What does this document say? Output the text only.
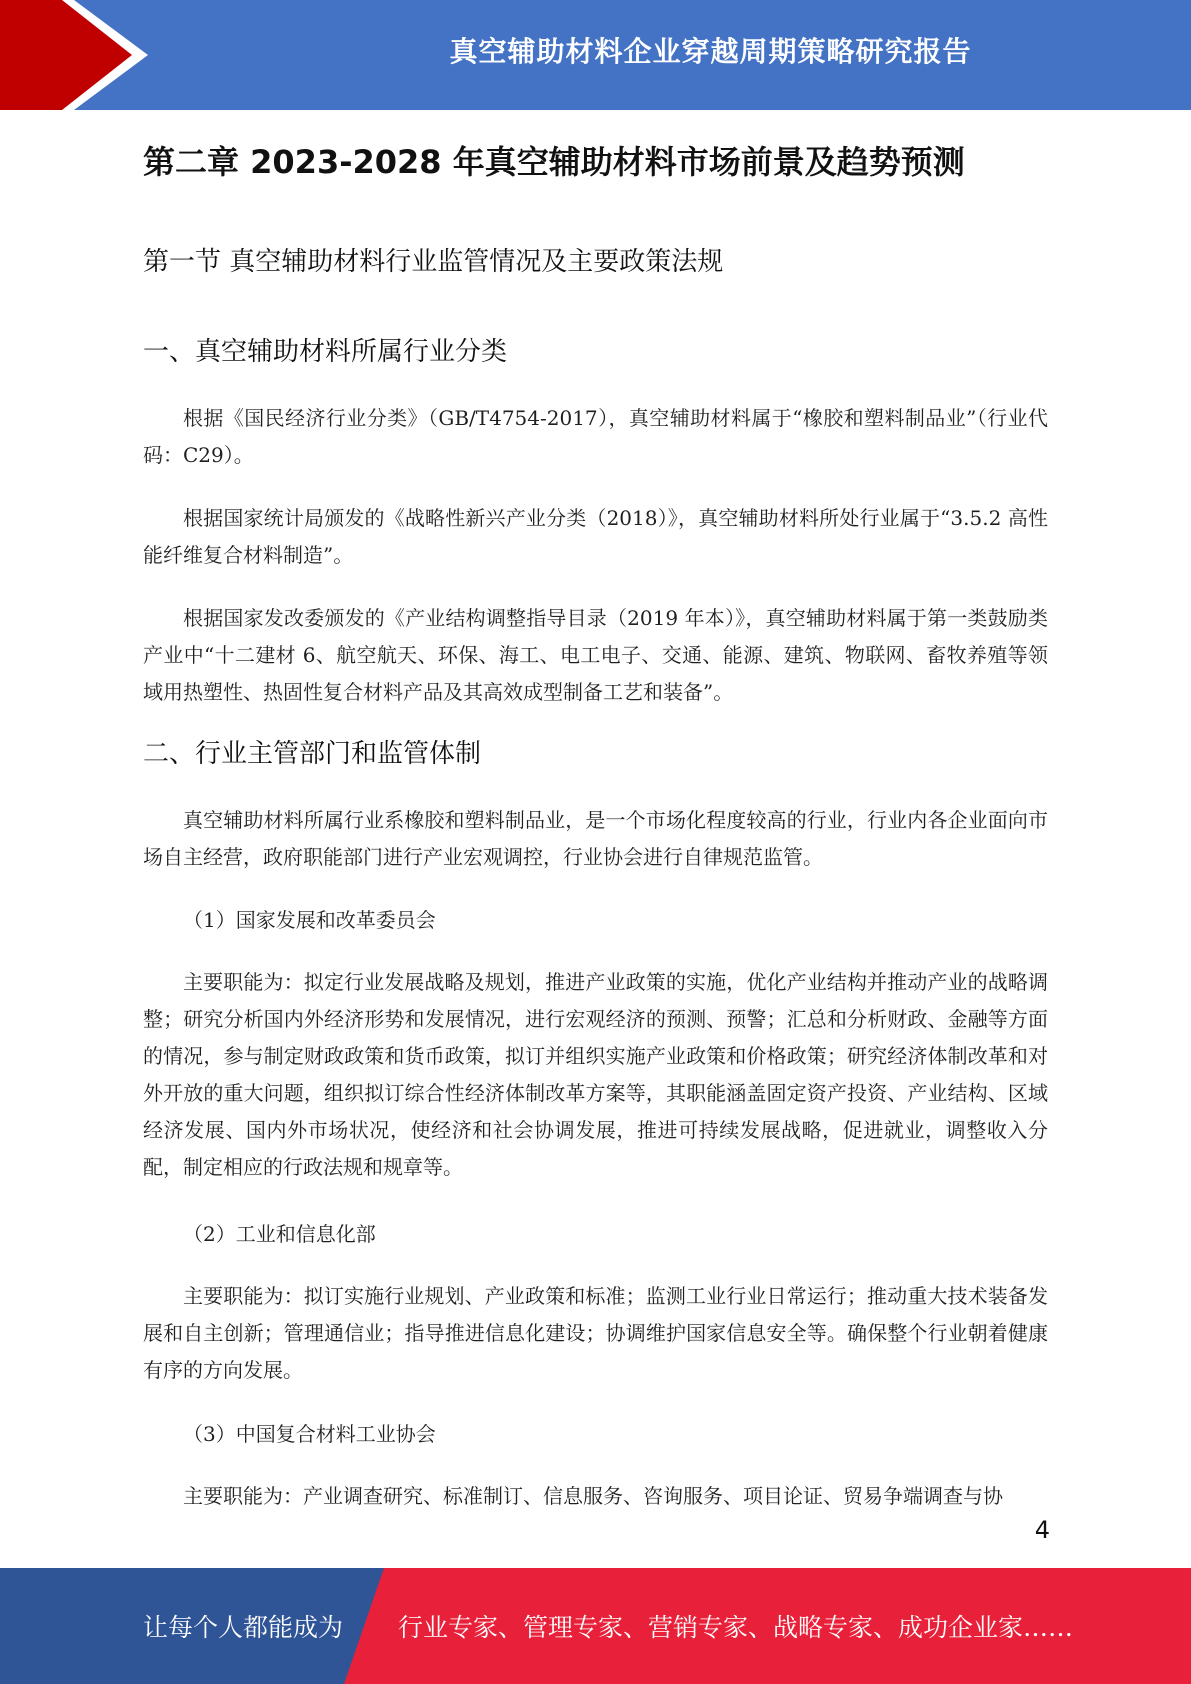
真空辅助材料企业穿越周期策略研究报告
第二章 2023-2028 年真空辅助材料市场前景及趋势预测
第一节 真空辅助材料行业监管情况及主要政策法规
一、真空辅助材料所属行业分类

根据《国民经济行业分类》（GB/T4754-2017），真空辅助材料属于“橡胶和塑料制品业”（行业代码：C29）。

根据国家统计局颁发的《战略性新兴产业分类（2018）》，真空辅助材料所处行业属于“3.5.2 高性能纤维复合材料制造”。

根据国家发改委颁发的《产业结构调整指导目录（2019 年本）》，真空辅助材料属于第一类鼓励类产业中“十二建材 6、航空航天、环保、海工、电工电子、交通、能源、建筑、物联网、畜牧养殖等领域用热塑性、热固性复合材料产品及其高效成型制备工艺和装备”。

二、行业主管部门和监管体制

真空辅助材料所属行业系橡胶和塑料制品业，是一个市场化程度较高的行业，行业内各企业面向市场自主经营，政府职能部门进行产业宏观调控，行业协会进行自律规范监管。

（1）国家发展和改革委员会

主要职能为：拟定行业发展战略及规划，推进产业政策的实施，优化产业结构并推动产业的战略调整；研究分析国内外经济形势和发展情况，进行宏观经济的预测、预警；汇总和分析财政、金融等方面的情况，参与制定财政政策和货币政策，拟订并组织实施产业政策和价格政策；研究经济体制改革和对外开放的重大问题，组织拟订综合性经济体制改革方案等，其职能涵盖固定资产投资、产业结构、区域经济发展、国内外市场状况，使经济和社会协调发展，推进可持续发展战略，促进就业，调整收入分配，制定相应的行政法规和规章等。

（2）工业和信息化部

主要职能为：拟订实施行业规划、产业政策和标准；监测工业行业日常运行；推动重大技术装备发展和自主创新；管理通信业；指导推进信息化建设；协调维护国家信息安全等。确保整个行业朝着健康有序的方向发展。

（3）中国复合材料工业协会

主要职能为：产业调查研究、标准制订、信息服务、咨询服务、项目论证、贸易争端调查与协

4
让每个人都能成为 行业专家、管理专家、营销专家、战略专家、成功企业家……
